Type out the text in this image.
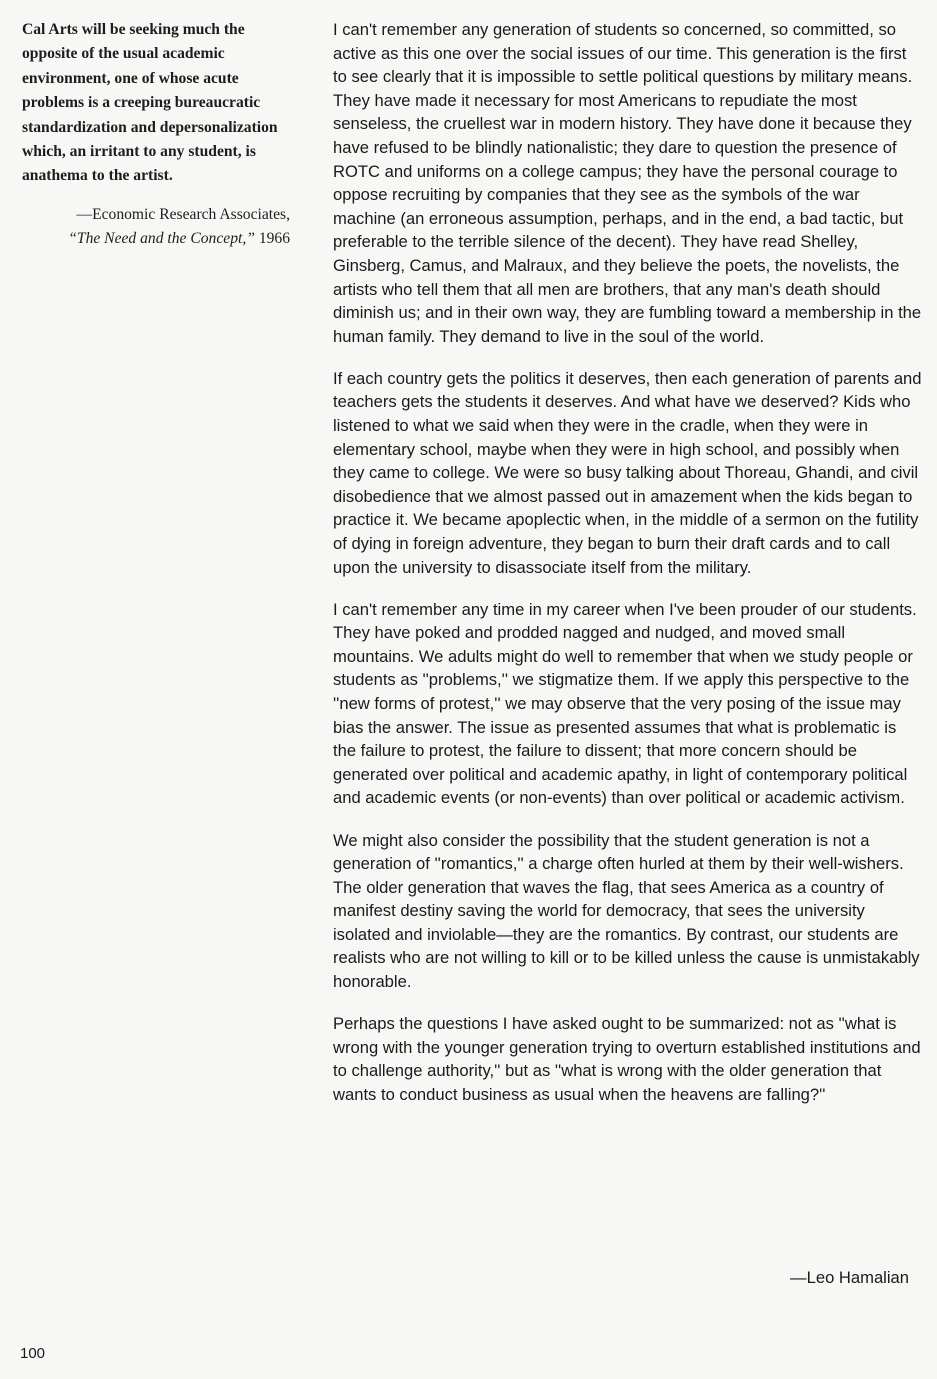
Cal Arts will be seeking much the opposite of the usual academic environment, one of whose acute problems is a creeping bureaucratic standardization and depersonalization which, an irritant to any student, is anathema to the artist.

—Economic Research Associates,
“The Need and the Concept,” 1966

I can't remember any generation of students so concerned, so committed, so active as this one over the social issues of our time. This generation is the first to see clearly that it is impossible to settle political questions by military means. They have made it necessary for most Americans to repudiate the most senseless, the cruellest war in modern history. They have done it because they have refused to be blindly nationalistic; they dare to question the presence of ROTC and uniforms on a college campus; they have the personal courage to oppose recruiting by companies that they see as the symbols of the war machine (an erroneous assumption, perhaps, and in the end, a bad tactic, but preferable to the terrible silence of the decent). They have read Shelley, Ginsberg, Camus, and Malraux, and they believe the poets, the novelists, the artists who tell them that all men are brothers, that any man's death should diminish us; and in their own way, they are fumbling toward a membership in the human family. They demand to live in the soul of the world.

If each country gets the politics it deserves, then each generation of parents and teachers gets the students it deserves. And what have we deserved? Kids who listened to what we said when they were in the cradle, when they were in elementary school, maybe when they were in high school, and possibly when they came to college. We were so busy talking about Thoreau, Ghandi, and civil disobedience that we almost passed out in amazement when the kids began to practice it. We became apoplectic when, in the middle of a sermon on the futility of dying in foreign adventure, they began to burn their draft cards and to call upon the university to disassociate itself from the military.

I can't remember any time in my career when I've been prouder of our students. They have poked and prodded nagged and nudged, and moved small mountains. We adults might do well to remember that when we study people or students as ''problems,'' we stigmatize them. If we apply this perspective to the ''new forms of protest,'' we may observe that the very posing of the issue may bias the answer. The issue as presented assumes that what is problematic is the failure to protest, the failure to dissent; that more concern should be generated over political and academic apathy, in light of contemporary political and academic events (or non-events) than over political or academic activism.

We might also consider the possibility that the student generation is not a generation of ''romantics,'' a charge often hurled at them by their well-wishers. The older generation that waves the flag, that sees America as a country of manifest destiny saving the world for democracy, that sees the university isolated and inviolable—they are the romantics. By contrast, our students are realists who are not willing to kill or to be killed unless the cause is unmistakably honorable.

Perhaps the questions I have asked ought to be summarized: not as ''what is wrong with the younger generation trying to overturn established institutions and to challenge authority,'' but as ''what is wrong with the older generation that wants to conduct business as usual when the heavens are falling?''

—Leo Hamalian
100
